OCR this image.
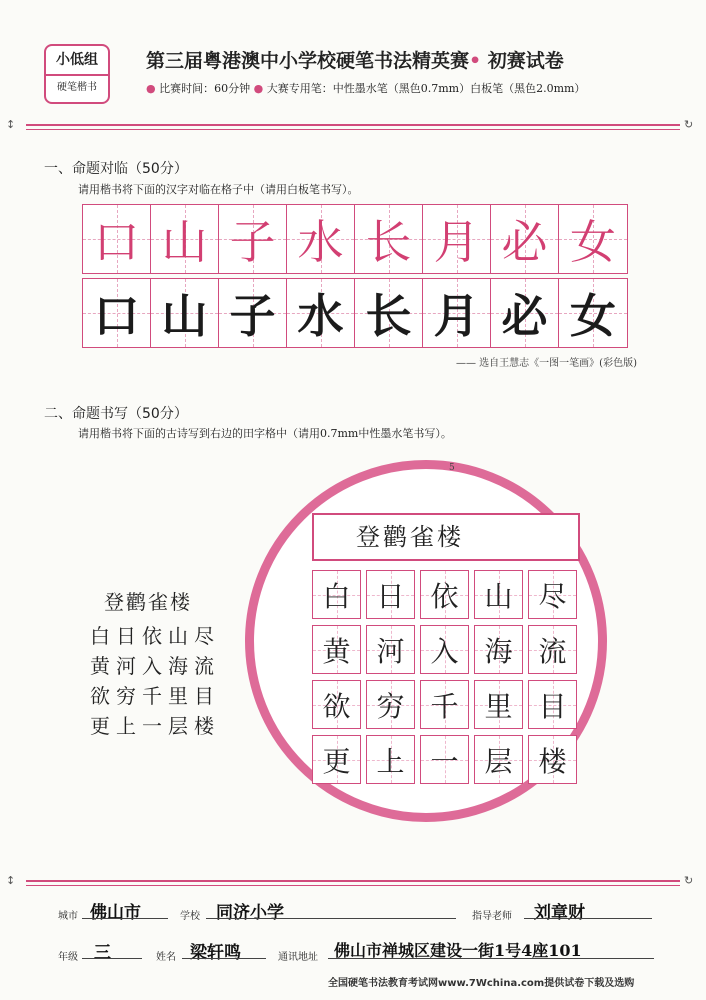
小低组
硬笔楷书
第三届粤港澳中小学校硬笔书法精英赛• 初赛试卷
● 比赛时间：60分钟 ● 大赛专用笔：中性墨水笔（黑色0.7mm）白板笔（黑色2.0mm）
↕	↻
一、命题对临（50分）
请用楷书将下面的汉字对临在格子中（请用白板笔书写）。
口 山 子 水 长 月 必 女
口 山 子 水 长 月 必 女
—— 选自王慧志《一图一笔画》(彩色版)
二、命题书写（50分）
请用楷书将下面的古诗写到右边的田字格中（请用0.7mm中性墨水笔书写）。
登鹳雀楼
白日依山尽
黄河入海流
欲穷千里目
更上一层楼
5
登鹳雀楼
白 日 依 山 尽
黄 河 入 海 流
欲 穷 千 里 目
更 上 一 层 楼
↕	↻
城市 佛山市	学校 同济小学	指导老师 刘章财
年级 三	姓名 梁轩鸣	通讯地址 佛山市禅城区建设一街1号4座101
全国硬笔书法教育考试网www.7Wchina.com提供试卷下载及选购
